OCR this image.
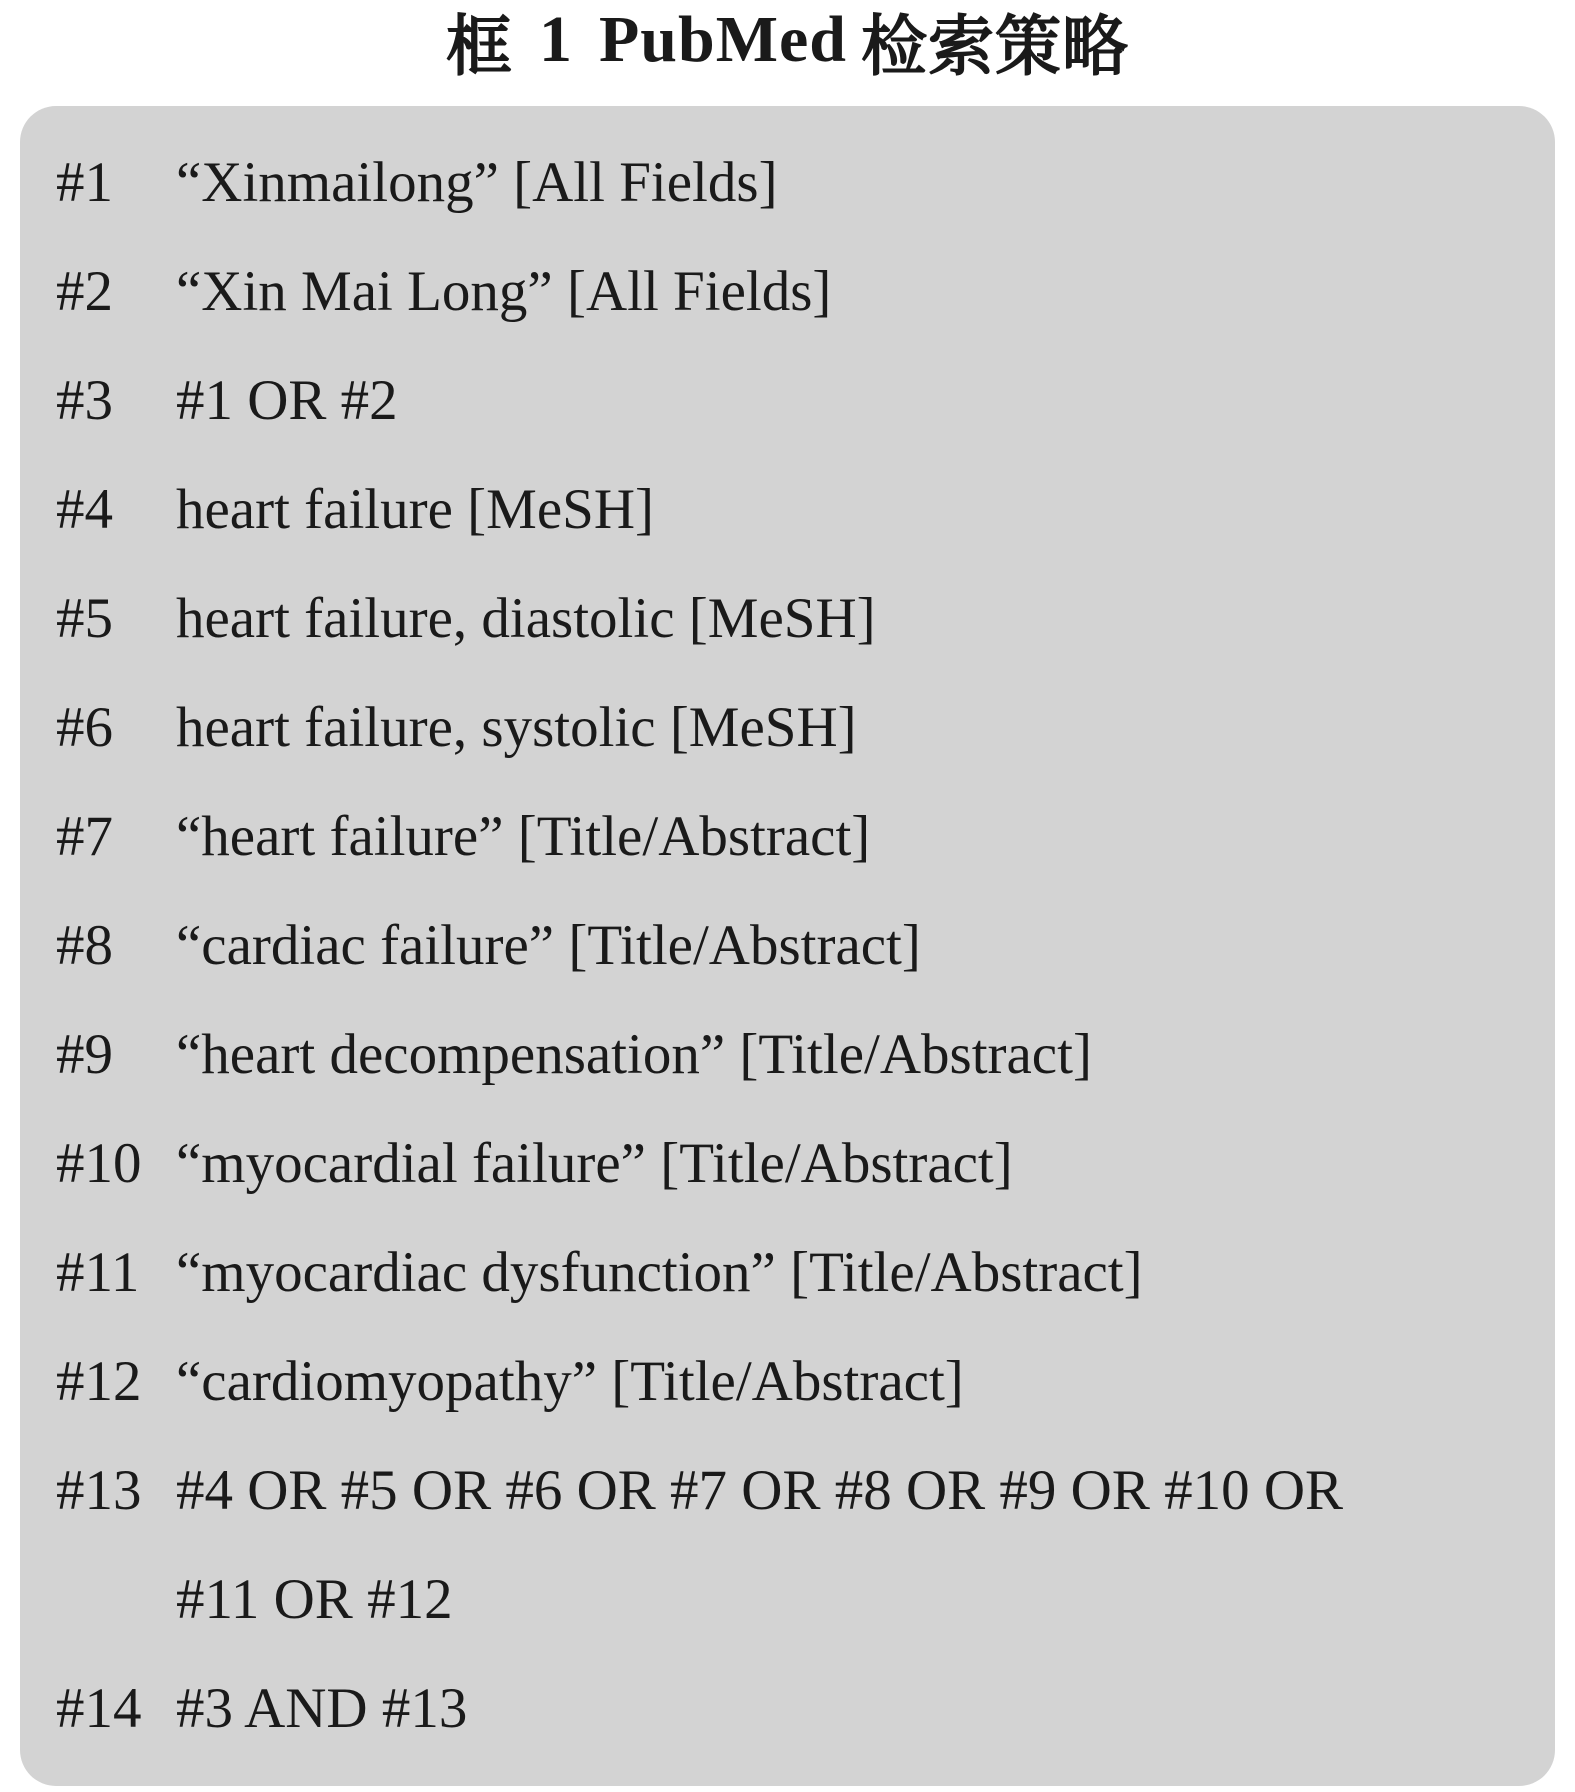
框 1 PubMed 检索策略
#1	“Xinmailong” [All Fields]
#2	“Xin Mai Long” [All Fields]
#3	#1 OR #2
#4	heart failure [MeSH]
#5	heart failure, diastolic [MeSH]
#6	heart failure, systolic [MeSH]
#7	“heart failure” [Title/Abstract]
#8	“cardiac failure” [Title/Abstract]
#9	“heart decompensation” [Title/Abstract]
#10 “myocardial failure” [Title/Abstract]
#11 “myocardiac dysfunction” [Title/Abstract]
#12 “cardiomyopathy” [Title/Abstract]
#13 #4 OR #5 OR #6 OR #7 OR #8 OR #9 OR #10 OR
#11 OR #12
#14 #3 AND #13
